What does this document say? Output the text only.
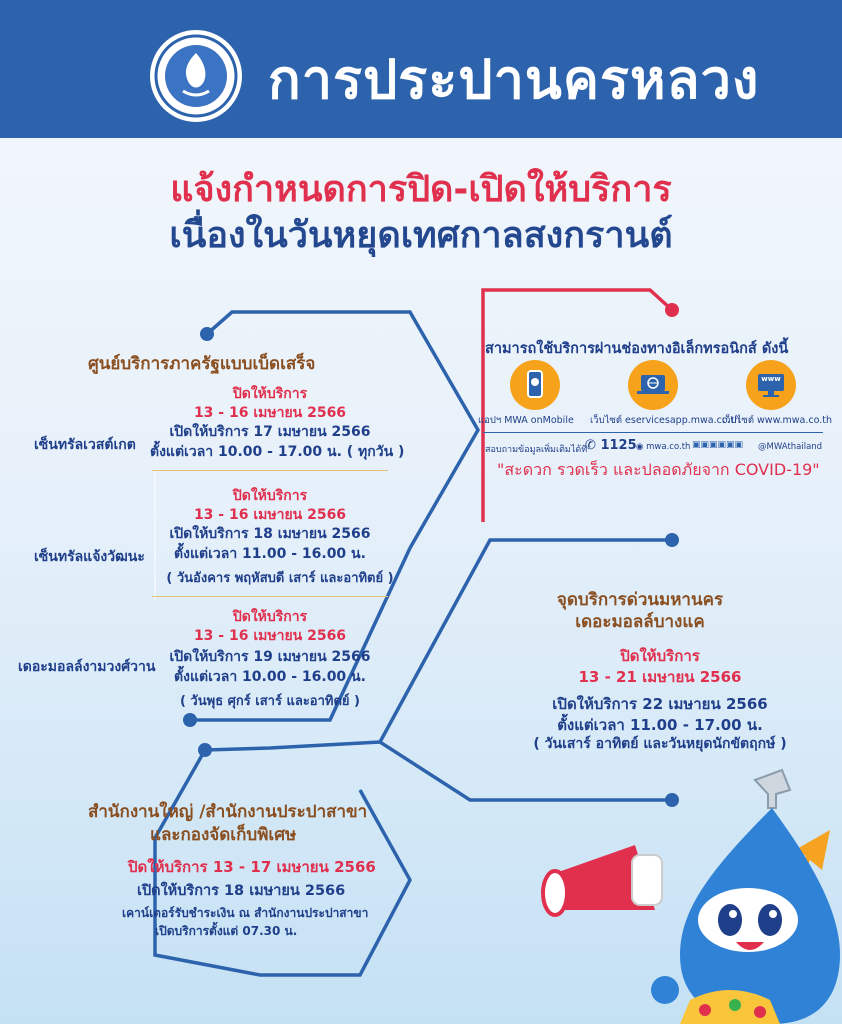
การประปานครหลวง
แจ้งกำหนดการปิด-เปิดให้บริการ
เนื่องในวันหยุดเทศกาลสงกรานต์
ศูนย์บริการภาครัฐแบบเบ็ดเสร็จ
เซ็นทรัลเวสต์เกต
ปิดให้บริการ
13 - 16 เมษายน 2566
เปิดให้บริการ 17 เมษายน 2566
ตั้งแต่เวลา 10.00 - 17.00 น. ( ทุกวัน )
เซ็นทรัลแจ้งวัฒนะ
ปิดให้บริการ
13 - 16 เมษายน 2566
เปิดให้บริการ 18 เมษายน 2566
ตั้งแต่เวลา 11.00 - 16.00 น.
( วันอังคาร พฤหัสบดี เสาร์ และอาทิตย์ )
เดอะมอลล์งามวงศ์วาน
ปิดให้บริการ
13 - 16 เมษายน 2566
เปิดให้บริการ 19 เมษายน 2566
ตั้งแต่เวลา 10.00 - 16.00 น.
( วันพุธ ศุกร์ เสาร์ และอาทิตย์ )
สามารถใช้บริการผ่านช่องทางอิเล็กทรอนิกส์ ดังนี้
แอปฯ MWA onMobile เว็บไซต์ eservicesapp.mwa.co.th
www
เว็บไซต์ www.mwa.co.th
สอบถามข้อมูลเพิ่มเติมได้ที่
✆ 1125 ◉ mwa.co.th ▣▣▣▣▣▣ @MWAthailand
"สะดวก รวดเร็ว และปลอดภัยจาก COVID-19"
จุดบริการด่วนมหานคร
เดอะมอลล์บางแค
ปิดให้บริการ
13 - 21 เมษายน 2566
เปิดให้บริการ 22 เมษายน 2566
ตั้งแต่เวลา 11.00 - 17.00 น.
( วันเสาร์ อาทิตย์ และวันหยุดนักขัตฤกษ์ )
สำนักงานใหญ่ /สำนักงานประปาสาขา
และกองจัดเก็บพิเศษ
ปิดให้บริการ 13 - 17 เมษายน 2566
เปิดให้บริการ 18 เมษายน 2566
เคาน์เตอร์รับชำระเงิน ณ สำนักงานประปาสาขา
เปิดบริการตั้งแต่ 07.30 น.
